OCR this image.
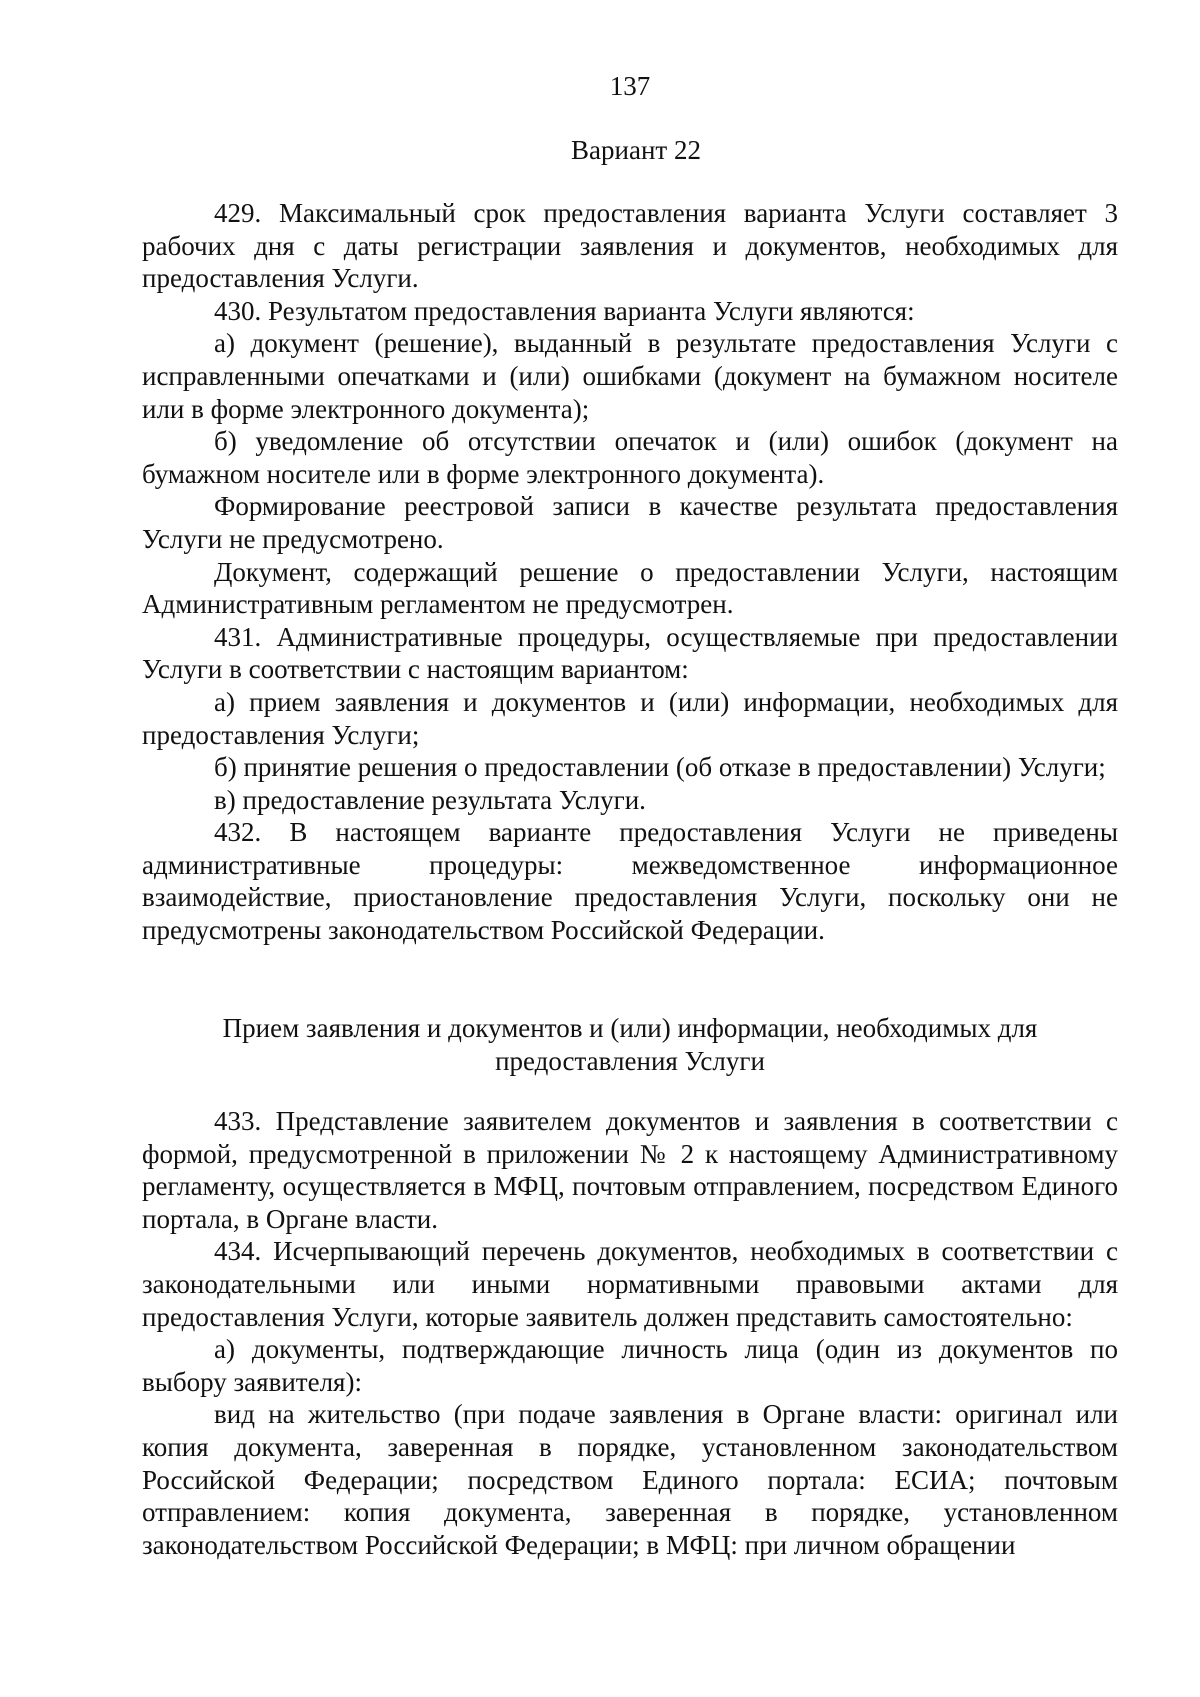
137
Вариант 22

429. Максимальный срок предоставления варианта Услуги составляет 3 рабочих дня с даты регистрации заявления и документов, необходимых для предоставления Услуги.

430. Результатом предоставления варианта Услуги являются:

а) документ (решение), выданный в результате предоставления Услуги с исправленными опечатками и (или) ошибками (документ на бумажном носителе или в форме электронного документа);

б) уведомление об отсутствии опечаток и (или) ошибок (документ на бумажном носителе или в форме электронного документа).

Формирование реестровой записи в качестве результата предоставления Услуги не предусмотрено.

Документ, содержащий решение о предоставлении Услуги, настоящим Административным регламентом не предусмотрен.

431. Административные процедуры, осуществляемые при предоставлении Услуги в соответствии с настоящим вариантом:

а) прием заявления и документов и (или) информации, необходимых для предоставления Услуги;

б) принятие решения о предоставлении (об отказе в предоставлении) Услуги;

в) предоставление результата Услуги.

432. В настоящем варианте предоставления Услуги не приведены административные процедуры: межведомственное информационное взаимодействие, приостановление предоставления Услуги, поскольку они не предусмотрены законодательством Российской Федерации.

Прием заявления и документов и (или) информации, необходимых для
предоставления Услуги

433. Представление заявителем документов и заявления в соответствии с формой, предусмотренной в приложении № 2 к настоящему Административному регламенту, осуществляется в МФЦ, почтовым отправлением, посредством Единого портала, в Органе власти.

434. Исчерпывающий перечень документов, необходимых в соответствии с законодательными или иными нормативными правовыми актами для предоставления Услуги, которые заявитель должен представить самостоятельно:

а) документы, подтверждающие личность лица (один из документов по выбору заявителя):

вид на жительство (при подаче заявления в Органе власти: оригинал или копия документа, заверенная в порядке, установленном законодательством Российской Федерации; посредством Единого портала: ЕСИА; почтовым отправлением: копия документа, заверенная в порядке, установленном законодательством Российской Федерации; в МФЦ: при личном обращении
